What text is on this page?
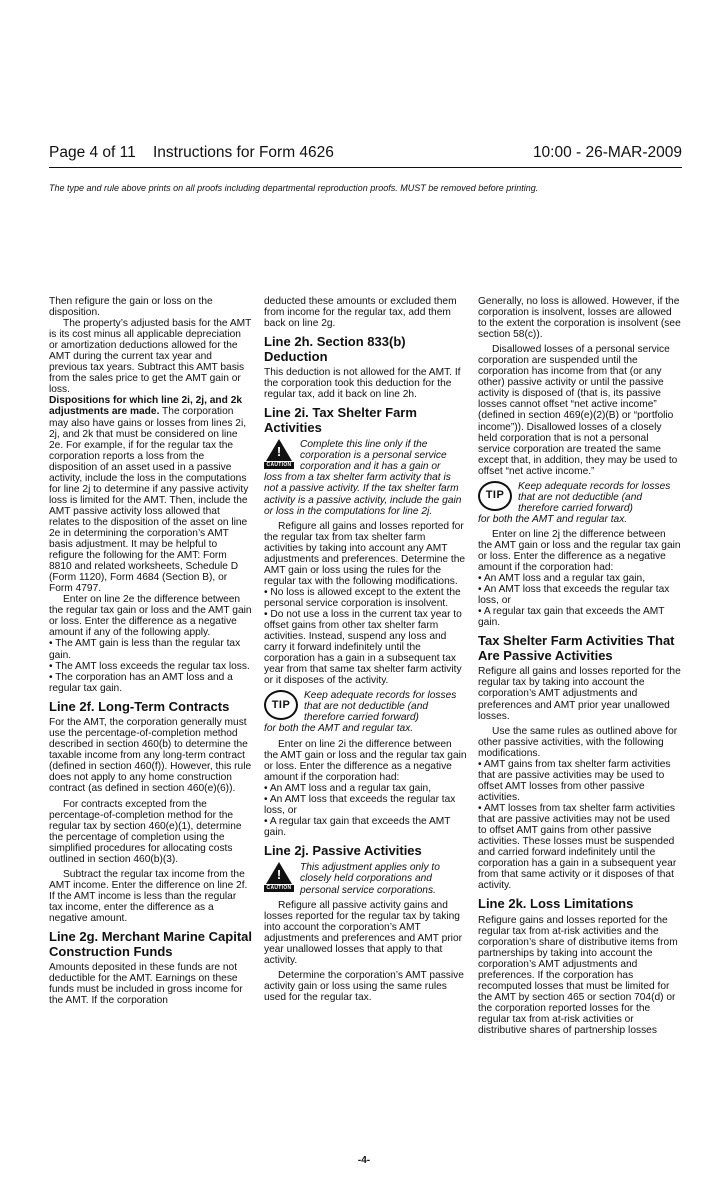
Page 4 of 11 Instructions for Form 4626	10:00 - 26-MAR-2009
The type and rule above prints on all proofs including departmental reproduction proofs. MUST be removed before printing.

Then refigure the gain or loss on the disposition.

The property’s adjusted basis for the AMT is its cost minus all applicable depreciation or amortization deductions allowed for the AMT during the current tax year and previous tax years. Subtract this AMT basis from the sales price to get the AMT gain or loss.

Dispositions for which line 2i, 2j, and 2k adjustments are made. The corporation may also have gains or losses from lines 2i, 2j, and 2k that must be considered on line 2e. For example, if for the regular tax the corporation reports a loss from the disposition of an asset used in a passive activity, include the loss in the computations for line 2j to determine if any passive activity loss is limited for the AMT. Then, include the AMT passive activity loss allowed that relates to the disposition of the asset on line 2e in determining the corporation’s AMT basis adjustment. It may be helpful to refigure the following for the AMT: Form 8810 and related worksheets, Schedule D (Form 1120), Form 4684 (Section B), or Form 4797.

Enter on line 2e the difference between the regular tax gain or loss and the AMT gain or loss. Enter the difference as a negative amount if any of the following apply.

• The AMT gain is less than the regular tax gain.

• The AMT loss exceeds the regular tax loss.

• The corporation has an AMT loss and a regular tax gain.

Line 2f. Long-Term Contracts

For the AMT, the corporation generally must use the percentage-of-completion method described in section 460(b) to determine the taxable income from any long-term contract (defined in section 460(f)). However, this rule does not apply to any home construction contract (as defined in section 460(e)(6)).

For contracts excepted from the percentage-of-completion method for the regular tax by section 460(e)(1), determine the percentage of completion using the simplified procedures for allocating costs outlined in section 460(b)(3).

Subtract the regular tax income from the AMT income. Enter the difference on line 2f. If the AMT income is less than the regular tax income, enter the difference as a negative amount.

Line 2g. Merchant Marine Capital Construction Funds

Amounts deposited in these funds are not deductible for the AMT. Earnings on these funds must be included in gross income for the AMT. If the corporation

deducted these amounts or excluded them from income for the regular tax, add them back on line 2g.

Line 2h. Section 833(b) Deduction

This deduction is not allowed for the AMT. If the corporation took this deduction for the regular tax, add it back on line 2h.

Line 2i. Tax Shelter Farm Activities
!
CAUTION
Complete this line only if the corporation is a personal service corporation and it has a gain or

loss from a tax shelter farm activity that is not a passive activity. If the tax shelter farm activity is a passive activity, include the gain or loss in the computations for line 2j.

Refigure all gains and losses reported for the regular tax from tax shelter farm activities by taking into account any AMT adjustments and preferences. Determine the AMT gain or loss using the rules for the regular tax with the following modifications.

• No loss is allowed except to the extent the personal service corporation is insolvent.

• Do not use a loss in the current tax year to offset gains from other tax shelter farm activities. Instead, suspend any loss and carry it forward indefinitely until the corporation has a gain in a subsequent tax year from that same tax shelter farm activity or it disposes of the activity.

TIP
Keep adequate records for losses that are not deductible (and therefore carried forward)

for both the AMT and regular tax.

Enter on line 2i the difference between the AMT gain or loss and the regular tax gain or loss. Enter the difference as a negative amount if the corporation had:

• An AMT loss and a regular tax gain,

• An AMT loss that exceeds the regular tax loss, or

• A regular tax gain that exceeds the AMT gain.

Line 2j. Passive Activities
!
CAUTION
This adjustment applies only to closely held corporations and personal service corporations.

Refigure all passive activity gains and losses reported for the regular tax by taking into account the corporation’s AMT adjustments and preferences and AMT prior year unallowed losses that apply to that activity.

Determine the corporation’s AMT passive activity gain or loss using the same rules used for the regular tax.

Generally, no loss is allowed. However, if the corporation is insolvent, losses are allowed to the extent the corporation is insolvent (see section 58(c)).

Disallowed losses of a personal service corporation are suspended until the corporation has income from that (or any other) passive activity or until the passive activity is disposed of (that is, its passive losses cannot offset “net active income” (defined in section 469(e)(2)(B) or “portfolio income”)). Disallowed losses of a closely held corporation that is not a personal service corporation are treated the same except that, in addition, they may be used to offset “net active income.”

TIP
Keep adequate records for losses that are not deductible (and therefore carried forward)

for both the AMT and regular tax.

Enter on line 2j the difference between the AMT gain or loss and the regular tax gain or loss. Enter the difference as a negative amount if the corporation had:

• An AMT loss and a regular tax gain,

• An AMT loss that exceeds the regular tax loss, or

• A regular tax gain that exceeds the AMT gain.

Tax Shelter Farm Activities That Are Passive Activities

Refigure all gains and losses reported for the regular tax by taking into account the corporation’s AMT adjustments and preferences and AMT prior year unallowed losses.

Use the same rules as outlined above for other passive activities, with the following modifications.

• AMT gains from tax shelter farm activities that are passive activities may be used to offset AMT losses from other passive activities.

• AMT losses from tax shelter farm activities that are passive activities may not be used to offset AMT gains from other passive activities. These losses must be suspended and carried forward indefinitely until the corporation has a gain in a subsequent year from that same activity or it disposes of that activity.

Line 2k. Loss Limitations

Refigure gains and losses reported for the regular tax from at-risk activities and the corporation’s share of distributive items from partnerships by taking into account the corporation’s AMT adjustments and preferences. If the corporation has recomputed losses that must be limited for the AMT by section 465 or section 704(d) or the corporation reported losses for the regular tax from at-risk activities or distributive shares of partnership losses

-4-
